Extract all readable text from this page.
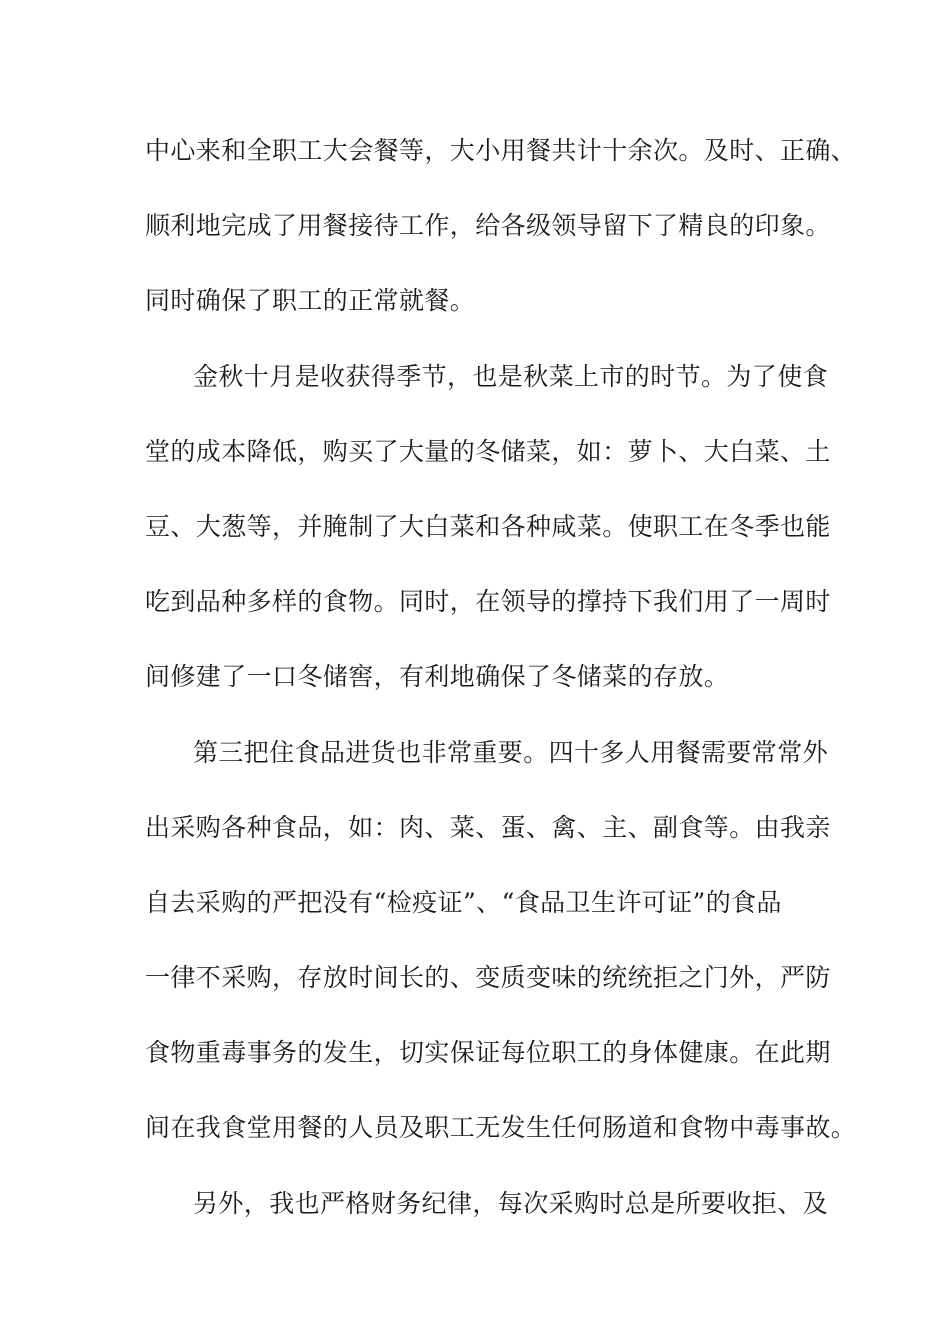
中心来和全职工大会餐等，大小用餐共计十余次。及时、正确、
顺利地完成了用餐接待工作，给各级领导留下了精良的印象。
同时确保了职工的正常就餐。
金秋十月是收获得季节，也是秋菜上市的时节。为了使食
堂的成本降低，购买了大量的冬储菜，如：萝卜、大白菜、土
豆、大葱等，并腌制了大白菜和各种咸菜。使职工在冬季也能
吃到品种多样的食物。同时，在领导的撑持下我们用了一周时
间修建了一口冬储窖，有利地确保了冬储菜的存放。
第三把住食品进货也非常重要。四十多人用餐需要常常外
出采购各种食品，如：肉、菜、蛋、禽、主、副食等。由我亲
自去采购的严把没有“检疫证”、“食品卫生许可证”的食品
一律不采购，存放时间长的、变质变味的统统拒之门外，严防
食物重毒事务的发生，切实保证每位职工的身体健康。在此期
间在我食堂用餐的人员及职工无发生任何肠道和食物中毒事故。
另外，我也严格财务纪律，每次采购时总是所要收拒、及
